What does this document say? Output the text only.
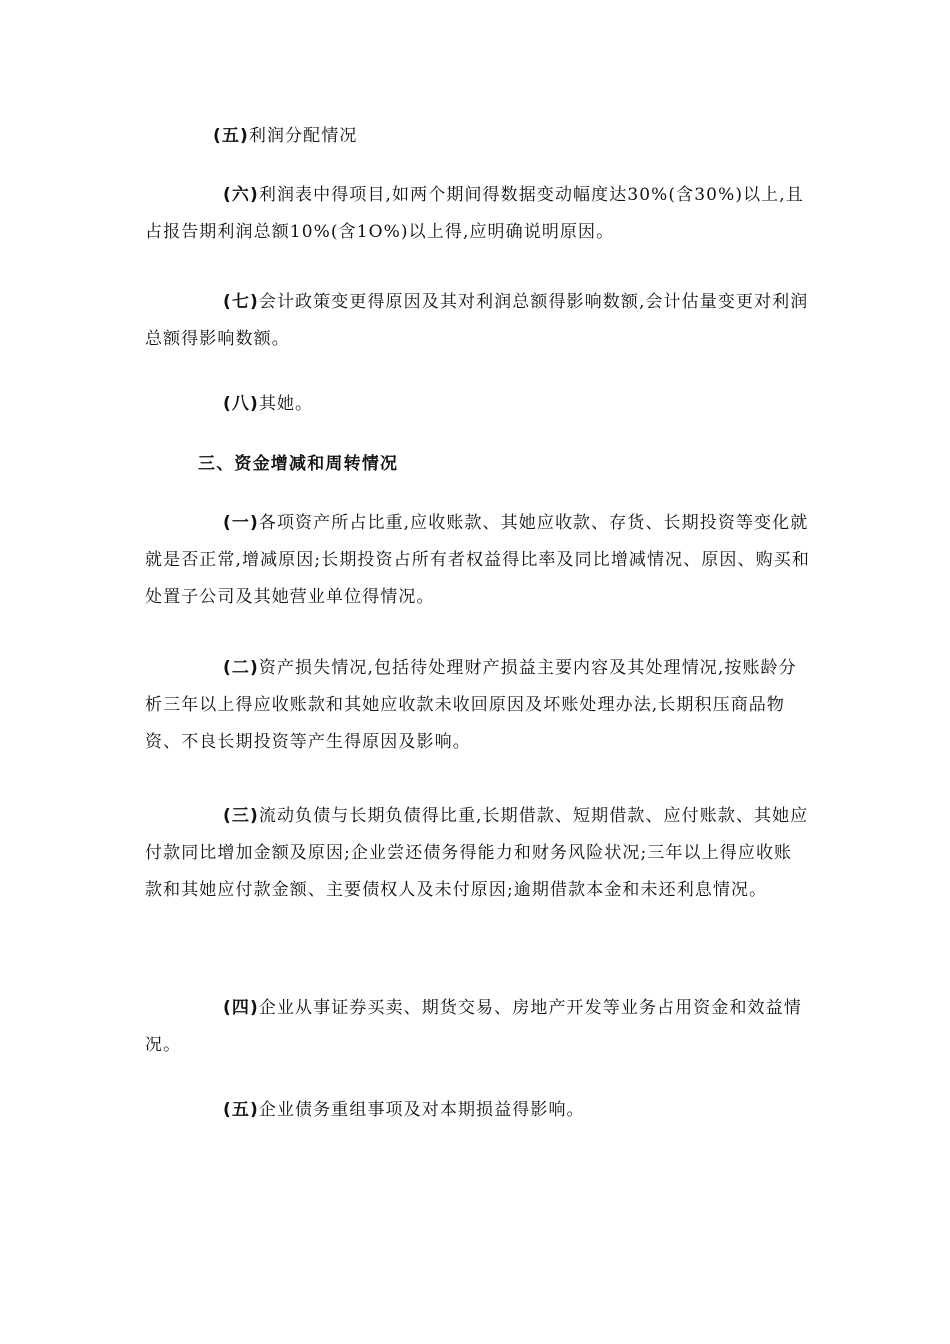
(五)利润分配情况

(六)利润表中得项目,如两个期间得数据变动幅度达30%(含30%)以上,且占报告期利润总额10%(含1O%)以上得,应明确说明原因。

(七)会计政策变更得原因及其对利润总额得影响数额,会计估量变更对利润总额得影响数额。

(八)其她。

三、资金增减和周转情况

(一)各项资产所占比重,应收账款、其她应收款、存货、长期投资等变化就就是否正常,增减原因;长期投资占所有者权益得比率及同比增减情况、原因、购买和处置子公司及其她营业单位得情况。

(二)资产损失情况,包括待处理财产损益主要内容及其处理情况,按账龄分析三年以上得应收账款和其她应收款未收回原因及坏账处理办法,长期积压商品物资、不良长期投资等产生得原因及影响。

(三)流动负债与长期负债得比重,长期借款、短期借款、应付账款、其她应付款同比增加金额及原因;企业尝还债务得能力和财务风险状况;三年以上得应收账款和其她应付款金额、主要债权人及未付原因;逾期借款本金和未还利息情况。

(四)企业从事证券买卖、期货交易、房地产开发等业务占用资金和效益情况。

(五)企业债务重组事项及对本期损益得影响。
